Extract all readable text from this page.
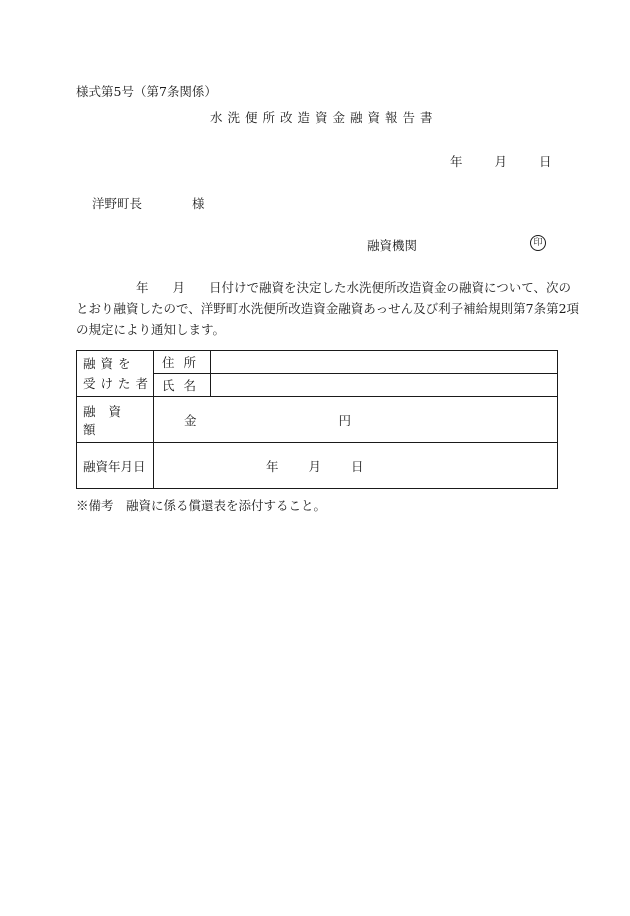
様式第5号（第7条関係）
水洗便所改造資金融資報告書
年	月	日
洋野町長	様
融資機関	印
年 月 日付けで融資を決定した水洗便所改造資金の融資について、次の
とおり融資したので、洋野町水洗便所改造資金融資あっせん及び利子補給規則第7条第2項
の規定により通知します。
融資を
受けた者	住所	
	氏名	
融資額	金 円	
融資年月日	年 月 日	
※備考　融資に係る償還表を添付すること。
